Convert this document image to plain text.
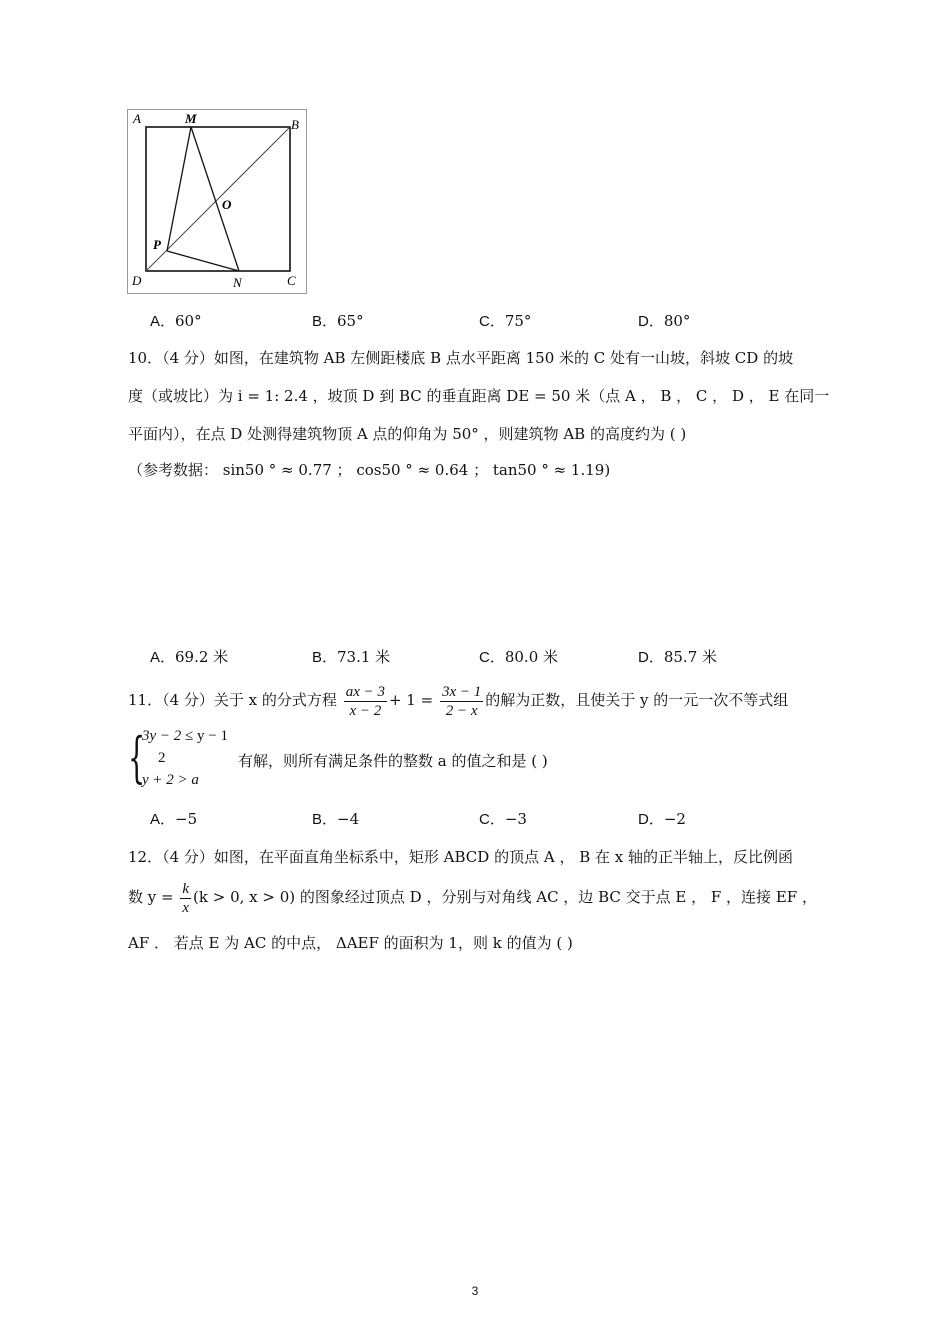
A	M	B
O
P
D	N	C
A．60°	B．65°	C．75°	D．80°
10．（4 分）如图，在建筑物 AB 左侧距楼底 B 点水平距离 150 米的 C 处有一山坡，斜坡 CD 的坡
度（或坡比）为 i = 1: 2.4 ，坡顶 D 到 BC 的垂直距离 DE = 50 米（点 A ， B ， C ， D ， E 在同一
平面内），在点 D 处测得建筑物顶 A 点的仰角为 50° ，则建筑物 AB 的高度约为 ( )
（参考数据： sin50 ° ≈ 0.77 ； cos50 ° ≈ 0.64 ； tan50 ° ≈ 1.19)
A．69.2 米	B．73.1 米	C．80.0 米	D．85.7 米
11．（4 分）关于 x 的分式方程 $\frac{ax - 3}{x - 2} + 1 = \frac{3x - 1}{2 - x}$ 的解为正数，且使关于 y 的一元一次不等式组
{
3y − 2 ≤ y − 1
2
y + 2 > a
有解，则所有满足条件的整数 a 的值之和是 ( )
A．−5	B．−4	C．−3	D．−2
12．（4 分）如图，在平面直角坐标系中，矩形 ABCD 的顶点 A ， B 在 x 轴的正半轴上，反比例函
数 $y = \frac{k}{x} (k > 0$, x > 0) 的图象经过顶点 D ，分别与对角线 AC ，边 BC 交于点 E ， F ，连接 EF ，
AF ． 若点 E 为 AC 的中点， ΔAEF 的面积为 1，则 k 的值为 ( )
3
